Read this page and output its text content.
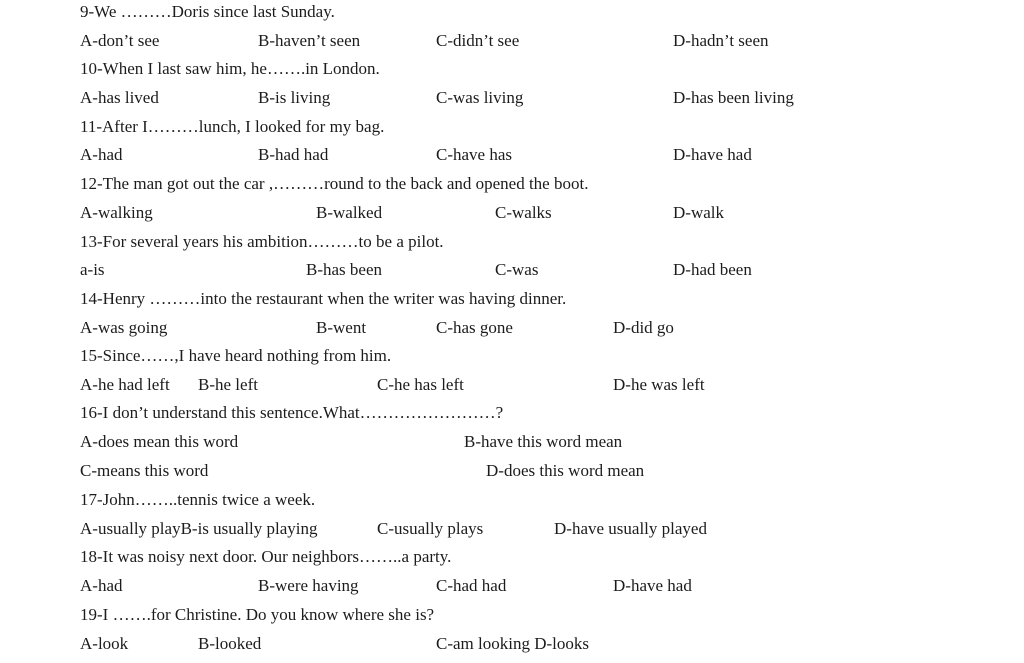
9-We ………Doris since last Sunday.
A-don’t see	B-haven’t seen	C-didn’t see	D-hadn’t seen
10-When I last saw him, he…….in London.
A-has lived	B-is living	C-was living	D-has been living
11-After I………lunch, I looked for my bag.
A-had	B-had had	C-have has	D-have had
12-The man got out the car ,………round to the back and opened the boot.
A-walking	B-walked	C-walks	D-walk
13-For several years his ambition………to be a pilot.
a-is	B-has been	C-was	D-had been
14-Henry ………into the restaurant when the writer was having dinner.
A-was going	B-went	C-has gone	D-did go
15-Since……,I have heard nothing from him.
A-he had left B-he left	C-he has left	D-he was left
16-I don’t understand this sentence.What……………………?
A-does mean this word	B-have this word mean
C-means this word	D-does this word mean
17-John……..tennis twice a week.
A-usually playB-is usually playing	C-usually plays	D-have usually played
18-It was noisy next door. Our neighbors……..a party.
A-had	B-were having	C-had had	D-have had
19-I …….for Christine. Do you know where she is?
A-look	B-looked	C-am looking D-looks
